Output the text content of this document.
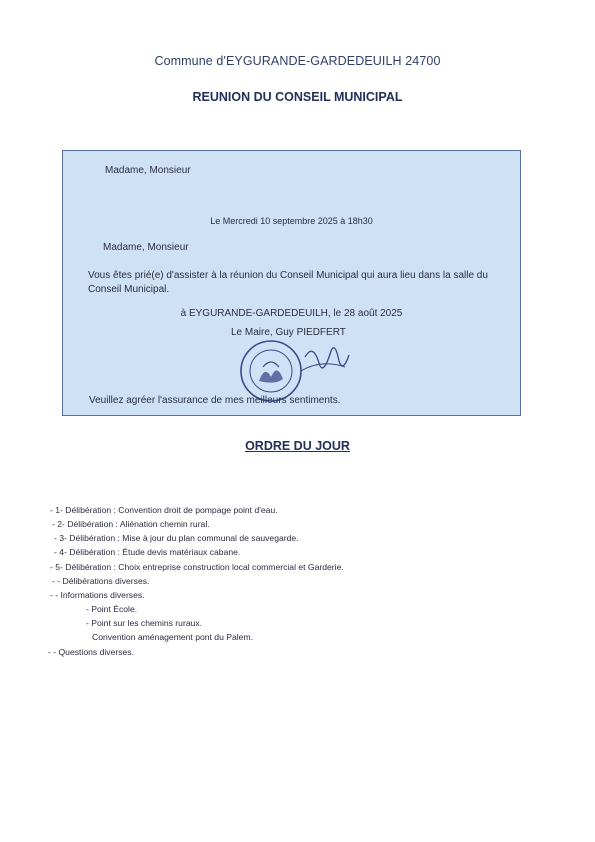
Commune d'EYGURANDE-GARDEDEUILH 24700
REUNION DU CONSEIL MUNICIPAL
Madame, Monsieur
Le Mercredi 10 septembre 2025 à 18h30
Madame, Monsieur
Vous êtes prié(e) d'assister à la réunion du Conseil Municipal qui aura lieu dans la salle du Conseil Municipal.
à EYGURANDE-GARDEDEUILH, le 28 août 2025
Le Maire, Guy PIEDFERT
Veuillez agréer l'assurance de mes meilleurs sentiments.
ORDRE DU JOUR
- 1- Délibération : Convention droit de pompage point d'eau.
- 2- Délibération : Aliénation chemin rural.
- 3- Délibération : Mise à jour du plan communal de sauvegarde.
- 4- Délibération : Étude devis matériaux cabane.
- 5- Délibération : Choix entreprise construction local commercial et Garderie.
- - Délibérations diverses.
- - Informations diverses.
- Point École.
- Point sur les chemins ruraux.
Convention aménagement pont du Palem.
- - Questions diverses.
